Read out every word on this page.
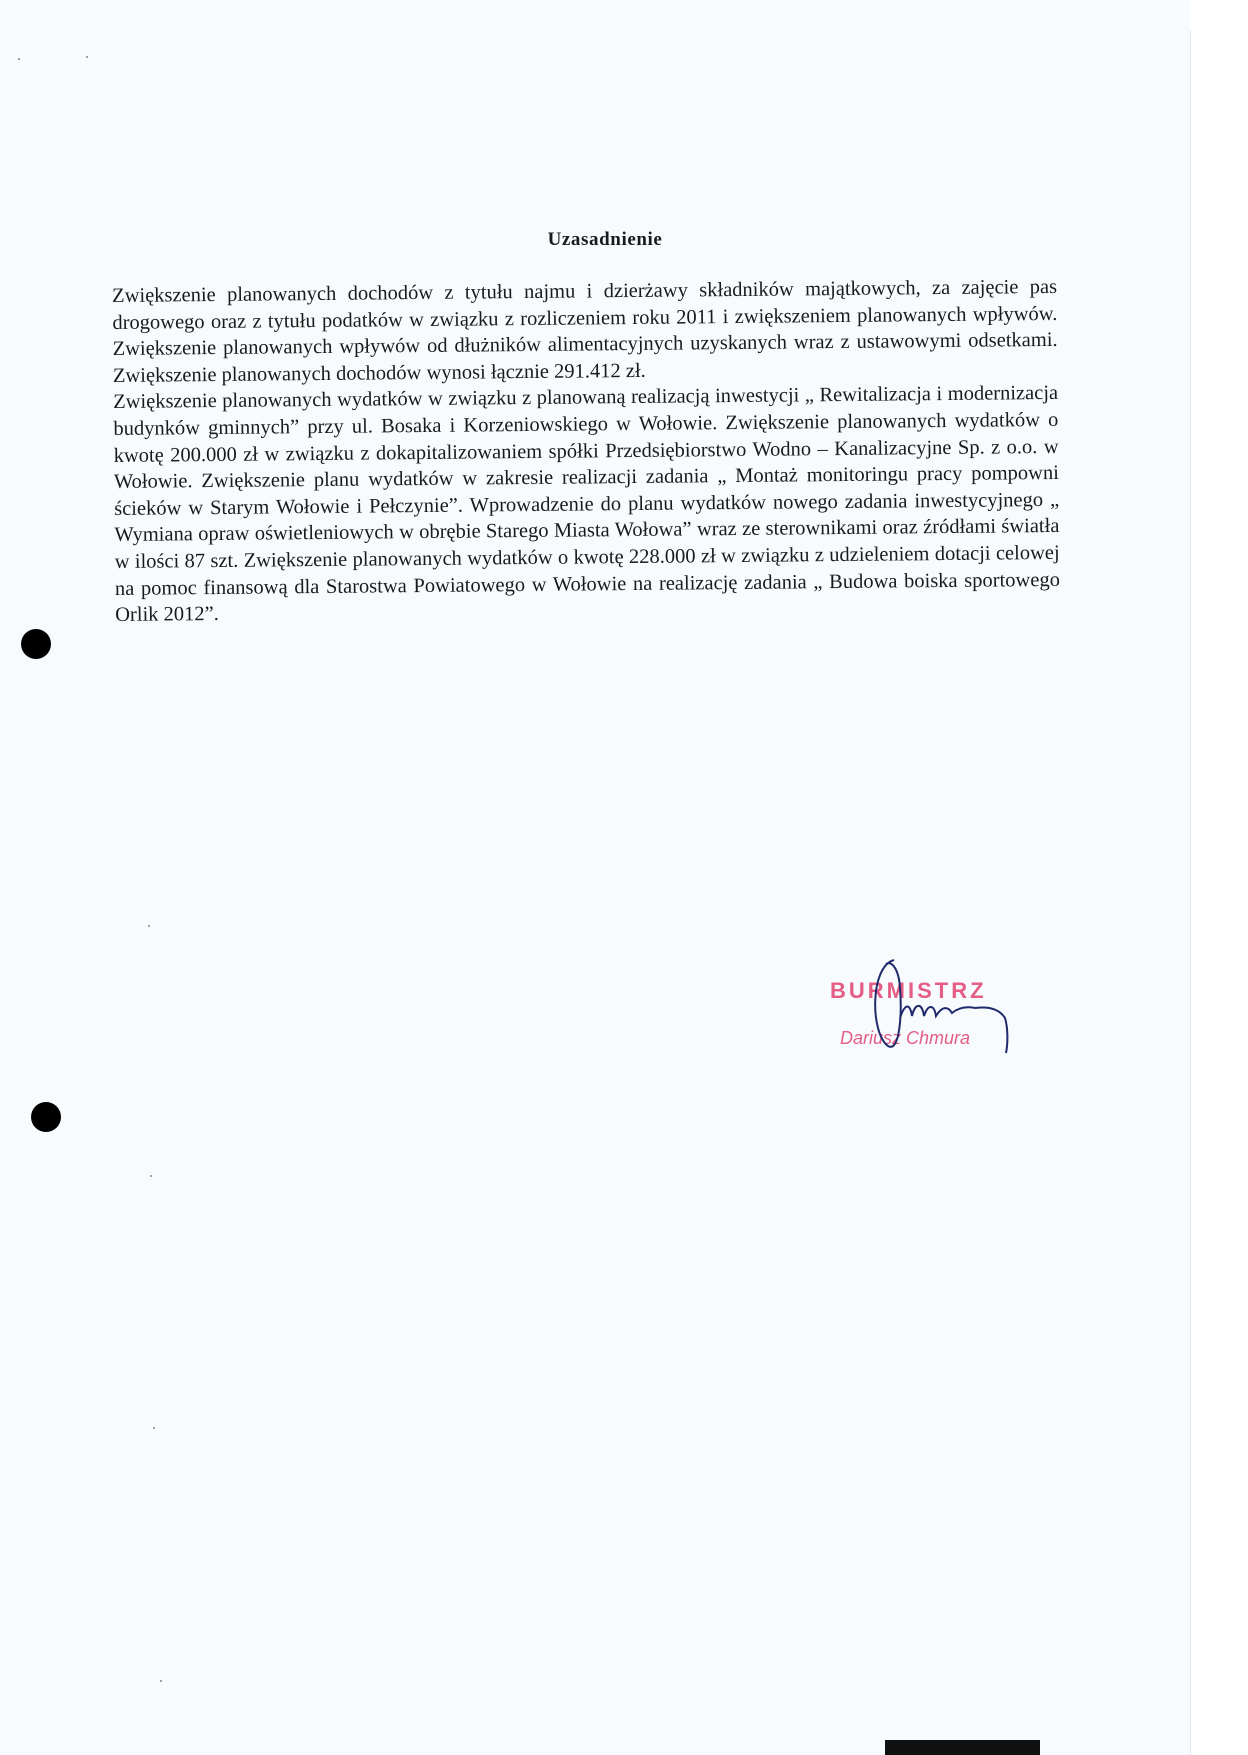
Uzasadnienie

Zwiększenie planowanych dochodów z tytułu najmu i dzierżawy składników majątkowych, za zajęcie pas drogowego oraz z tytułu podatków w związku z rozliczeniem roku 2011 i zwiększeniem planowanych wpływów. Zwiększenie planowanych wpływów od dłużników alimentacyjnych uzyskanych wraz z ustawowymi odsetkami. Zwiększenie planowanych dochodów wynosi łącznie 291.412 zł.

Zwiększenie planowanych wydatków w związku z planowaną realizacją inwestycji „ Rewitalizacja i modernizacja budynków gminnych” przy ul. Bosaka i Korzeniowskiego w Wołowie. Zwiększenie planowanych wydatków o kwotę 200.000 zł w związku z dokapitalizowaniem spółki Przedsiębiorstwo Wodno – Kanalizacyjne Sp. z o.o. w Wołowie. Zwiększenie planu wydatków w zakresie realizacji zadania „ Montaż monitoringu pracy pompowni ścieków w Starym Wołowie i Pełczynie”. Wprowadzenie do planu wydatków nowego zadania inwestycyjnego „ Wymiana opraw oświetleniowych w obrębie Starego Miasta Wołowa” wraz ze sterownikami oraz źródłami światła w ilości 87 szt. Zwiększenie planowanych wydatków o kwotę 228.000 zł w związku z udzieleniem dotacji celowej na pomoc finansową dla Starostwa Powiatowego w Wołowie na realizację zadania „ Budowa boiska sportowego Orlik 2012”.

BURMISTRZ
Dariusz Chmura
